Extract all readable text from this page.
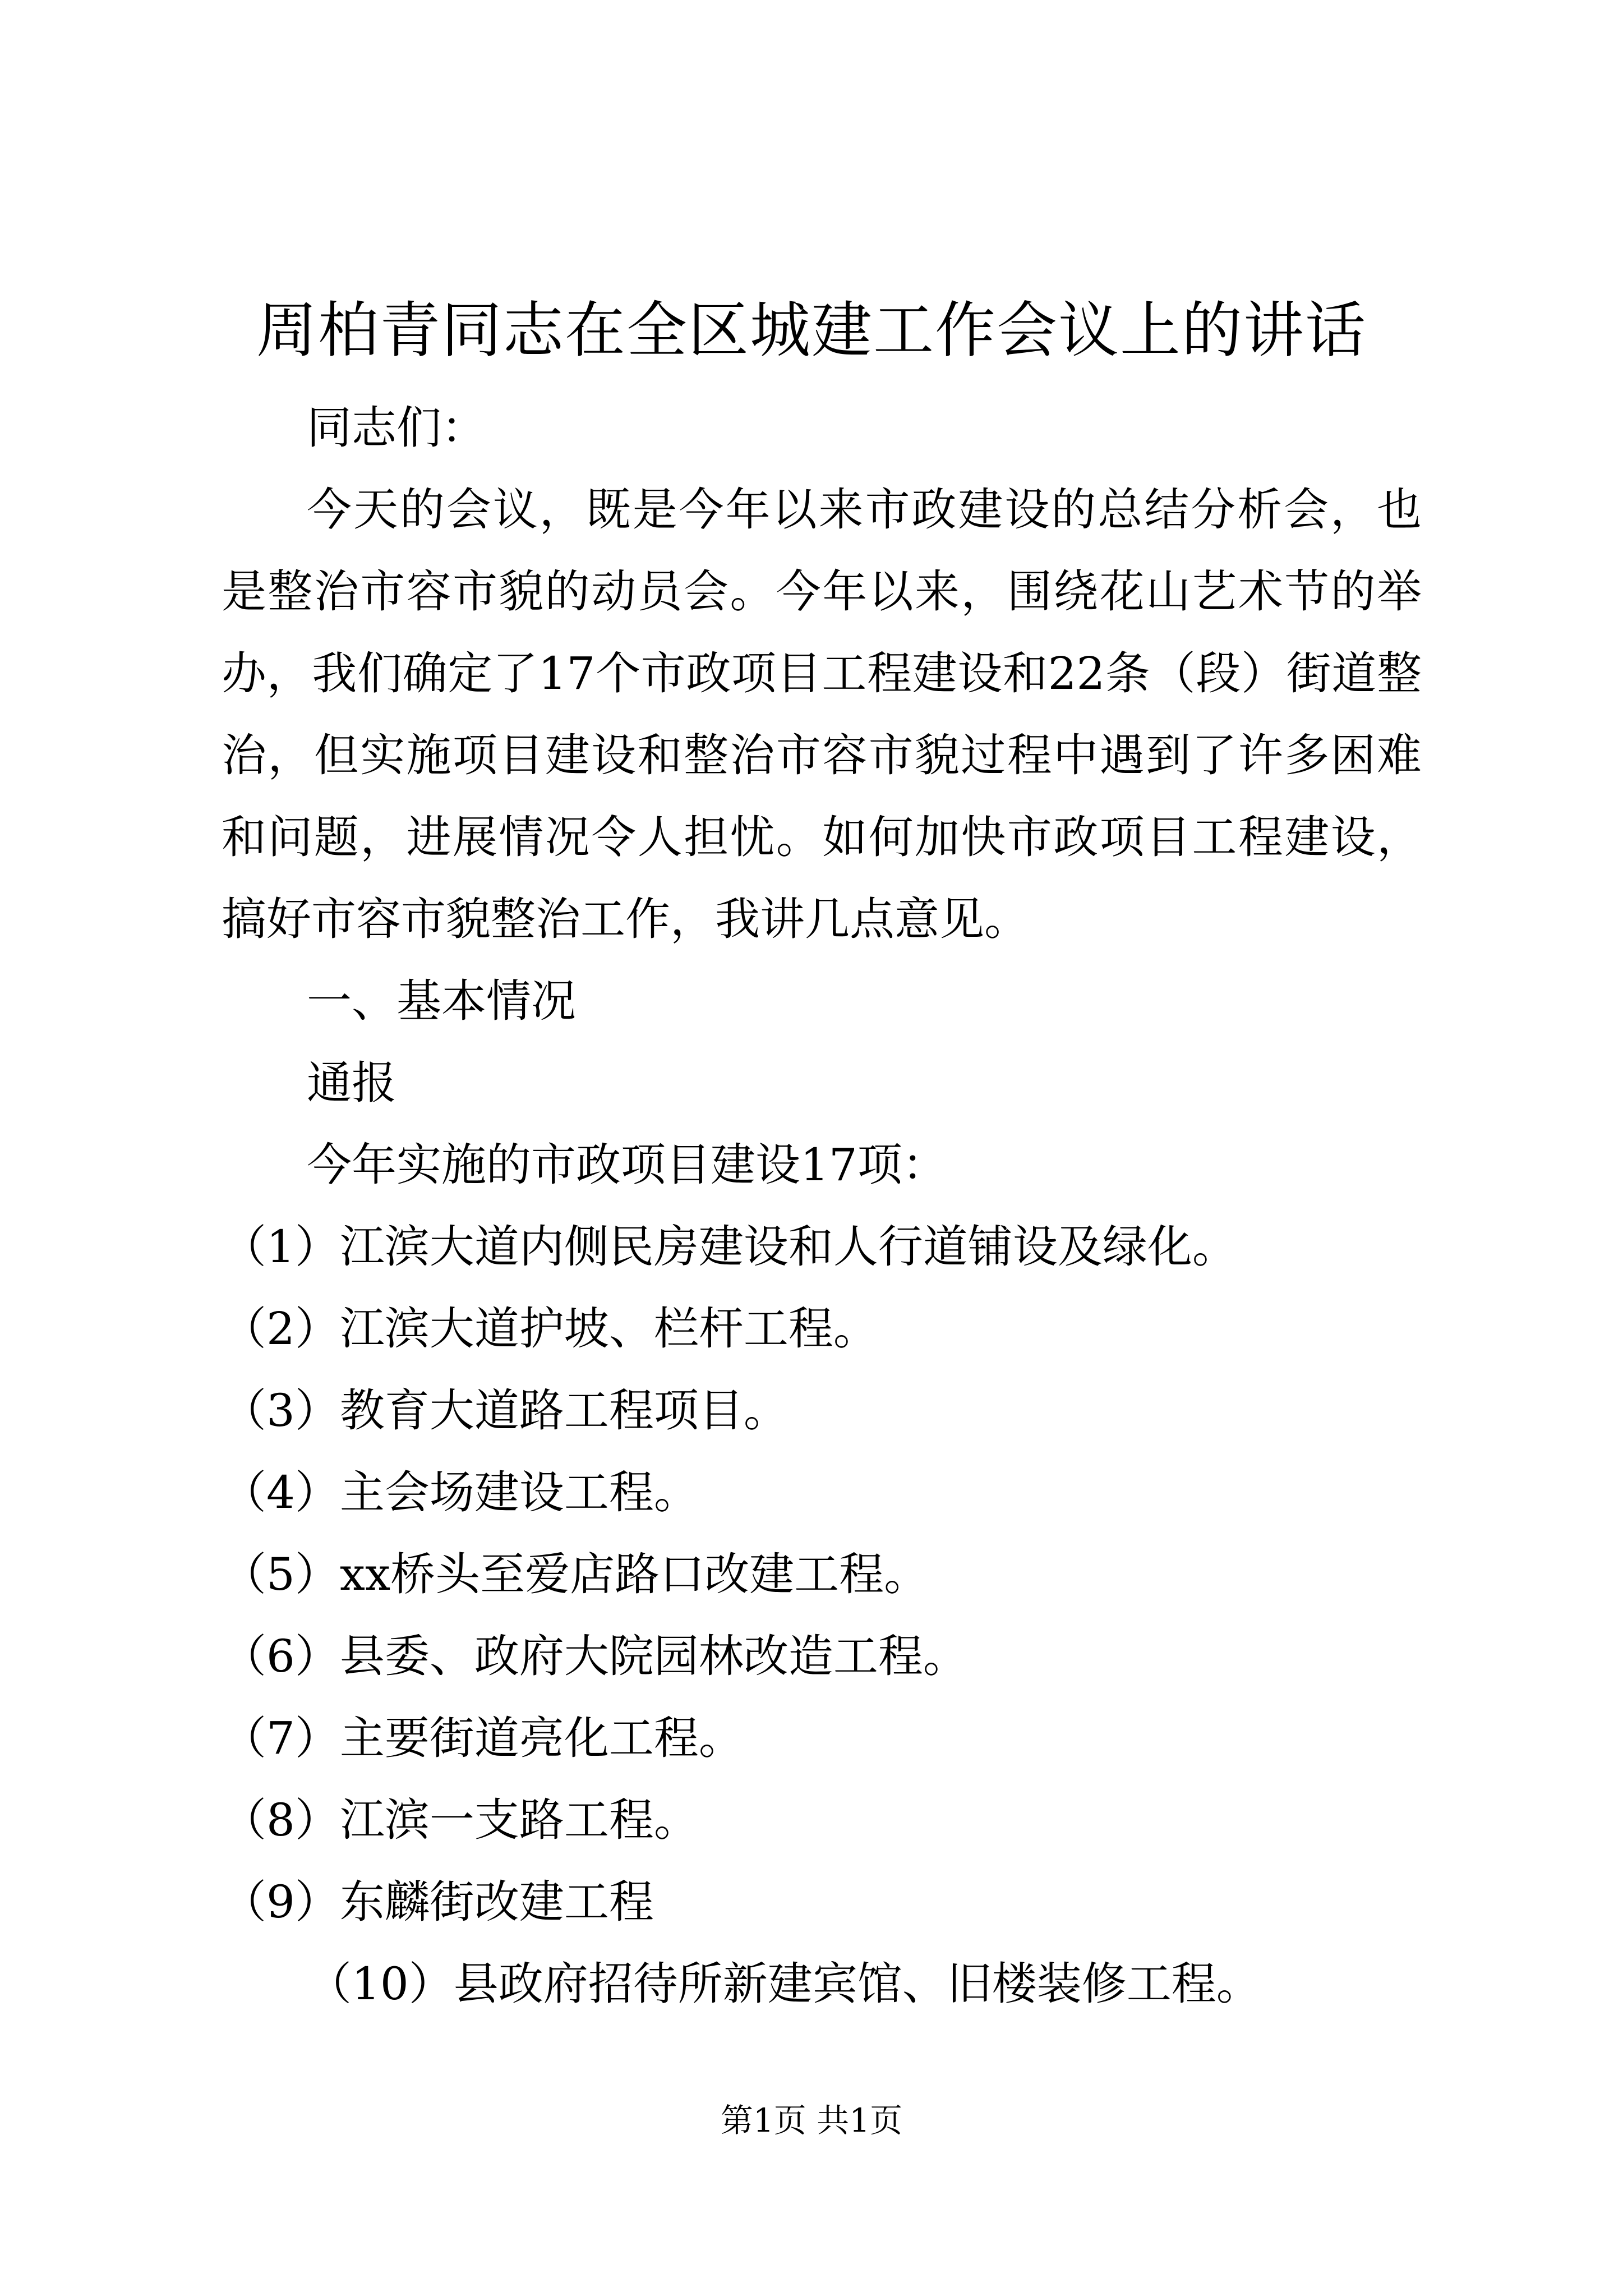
周柏青同志在全区城建工作会议上的讲话

同志们：

今天的会议，既是今年以来市政建设的总结分析会，也是整治市容市貌的动员会。今年以来，围绕花山艺术节的举办，我们确定了17个市政项目工程建设和22条（段）街道整治，但实施项目建设和整治市容市貌过程中遇到了许多困难和问题，进展情况令人担忧。如何加快市政项目工程建设，搞好市容市貌整治工作，我讲几点意见。

一、基本情况

通报

今年实施的市政项目建设17项：

（1）江滨大道内侧民房建设和人行道铺设及绿化。

（2）江滨大道护坡、栏杆工程。

（3）教育大道路工程项目。

（4）主会场建设工程。

（5）xx桥头至爱店路口改建工程。

（6）县委、政府大院园林改造工程。

（7）主要街道亮化工程。

（8）江滨一支路工程。

（9）东麟街改建工程

（10）县政府招待所新建宾馆、旧楼装修工程。

第1页 共1页
